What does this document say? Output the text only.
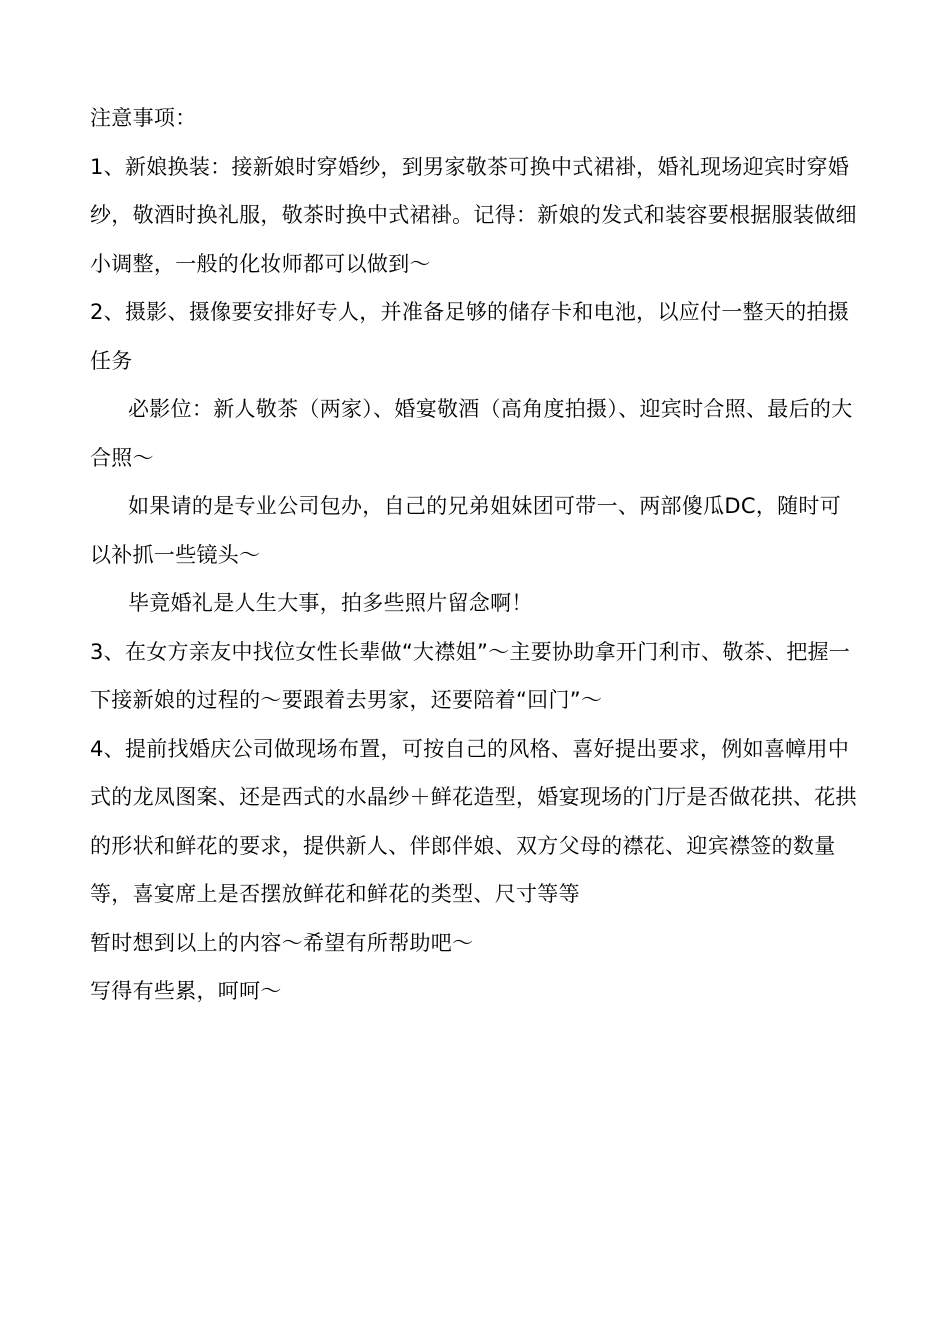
注意事项：

1、新娘换装：接新娘时穿婚纱，到男家敬茶可换中式裙褂，婚礼现场迎宾时穿婚纱，敬酒时换礼服，敬茶时换中式裙褂。记得：新娘的发式和装容要根据服装做细小调整，一般的化妆师都可以做到～

2、摄影、摄像要安排好专人，并准备足够的储存卡和电池，以应付一整天的拍摄任务

必影位：新人敬茶（两家）、婚宴敬酒（高角度拍摄）、迎宾时合照、最后的大合照～

如果请的是专业公司包办，自己的兄弟姐妹团可带一、两部傻瓜DC，随时可以补抓一些镜头～

毕竟婚礼是人生大事，拍多些照片留念啊！

3、在女方亲友中找位女性长辈做“大襟姐”～主要协助拿开门利市、敬茶、把握一下接新娘的过程的～要跟着去男家，还要陪着“回门”～

4、提前找婚庆公司做现场布置，可按自己的风格、喜好提出要求，例如喜幛用中式的龙凤图案、还是西式的水晶纱＋鲜花造型，婚宴现场的门厅是否做花拱、花拱的形状和鲜花的要求，提供新人、伴郎伴娘、双方父母的襟花、迎宾襟签的数量等，喜宴席上是否摆放鲜花和鲜花的类型、尺寸等等

暂时想到以上的内容～希望有所帮助吧～

写得有些累，呵呵～
